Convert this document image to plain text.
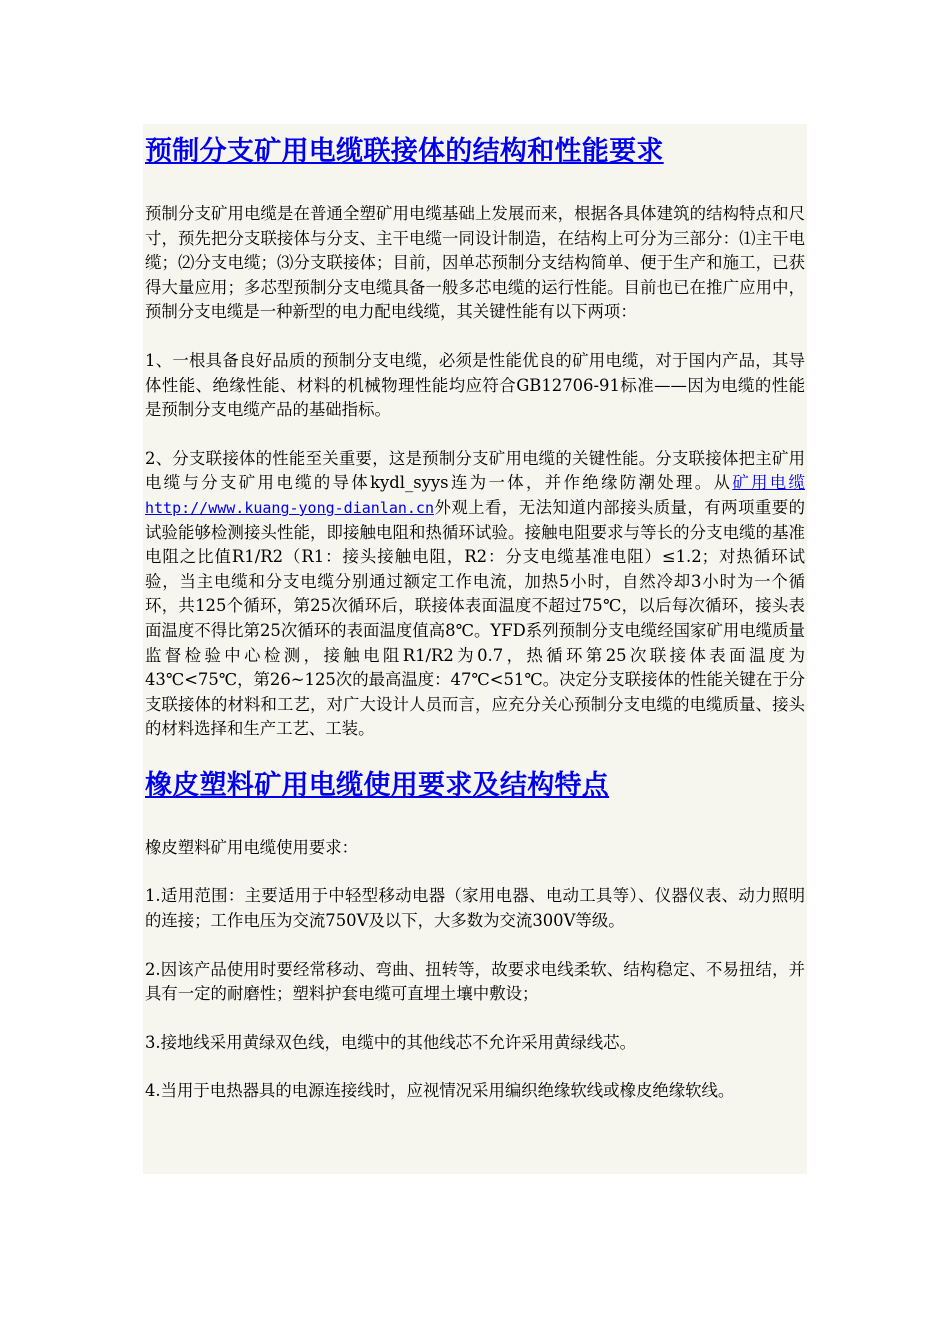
预制分支矿用电缆联接体的结构和性能要求

预制分支矿用电缆是在普通全塑矿用电缆基础上发展而来，根据各具体建筑的结构特点和尺寸，预先把分支联接体与分支、主干电缆一同设计制造，在结构上可分为三部分：⑴主干电缆；⑵分支电缆；⑶分支联接体；目前，因单芯预制分支结构简单、便于生产和施工，已获得大量应用；多芯型预制分支电缆具备一般多芯电缆的运行性能。目前也已在推广应用中，预制分支电缆是一种新型的电力配电线缆，其关键性能有以下两项：

1、一根具备良好品质的预制分支电缆，必须是性能优良的矿用电缆，对于国内产品，其导体性能、绝缘性能、材料的机械物理性能均应符合GB12706-91标准——因为电缆的性能是预制分支电缆产品的基础指标。

2、分支联接体的性能至关重要，这是预制分支矿用电缆的关键性能。分支联接体把主矿用电缆与分支矿用电缆的导体kydl_syys连为一体，并作绝缘防潮处理。从矿用电缆 http://www.kuang-yong-dianlan.cn外观上看，无法知道内部接头质量，有两项重要的试验能够检测接头性能，即接触电阻和热循环试验。接触电阻要求与等长的分支电缆的基准电阻之比值R1/R2（R1：接头接触电阻，R2：分支电缆基准电阻）≤1.2；对热循环试验，当主电缆和分支电缆分别通过额定工作电流，加热5小时，自然冷却3小时为一个循环，共125个循环，第25次循环后，联接体表面温度不超过75℃，以后每次循环，接头表面温度不得比第25次循环的表面温度值高8℃。YFD系列预制分支电缆经国家矿用电缆质量监督检验中心检测，接触电阻R1/R2为0.7，热循环第25次联接体表面温度为43℃<75℃，第26~125次的最高温度：47℃<51℃。决定分支联接体的性能关键在于分支联接体的材料和工艺，对广大设计人员而言，应充分关心预制分支电缆的电缆质量、接头的材料选择和生产工艺、工装。

橡皮塑料矿用电缆使用要求及结构特点

橡皮塑料矿用电缆使用要求：

1.适用范围：主要适用于中轻型移动电器（家用电器、电动工具等）、仪器仪表、动力照明的连接；工作电压为交流750V及以下，大多数为交流300V等级。

2.因该产品使用时要经常移动、弯曲、扭转等，故要求电线柔软、结构稳定、不易扭结，并具有一定的耐磨性；塑料护套电缆可直埋土壤中敷设；

3.接地线采用黄绿双色线，电缆中的其他线芯不允许采用黄绿线芯。

4.当用于电热器具的电源连接线时，应视情况采用编织绝缘软线或橡皮绝缘软线。
